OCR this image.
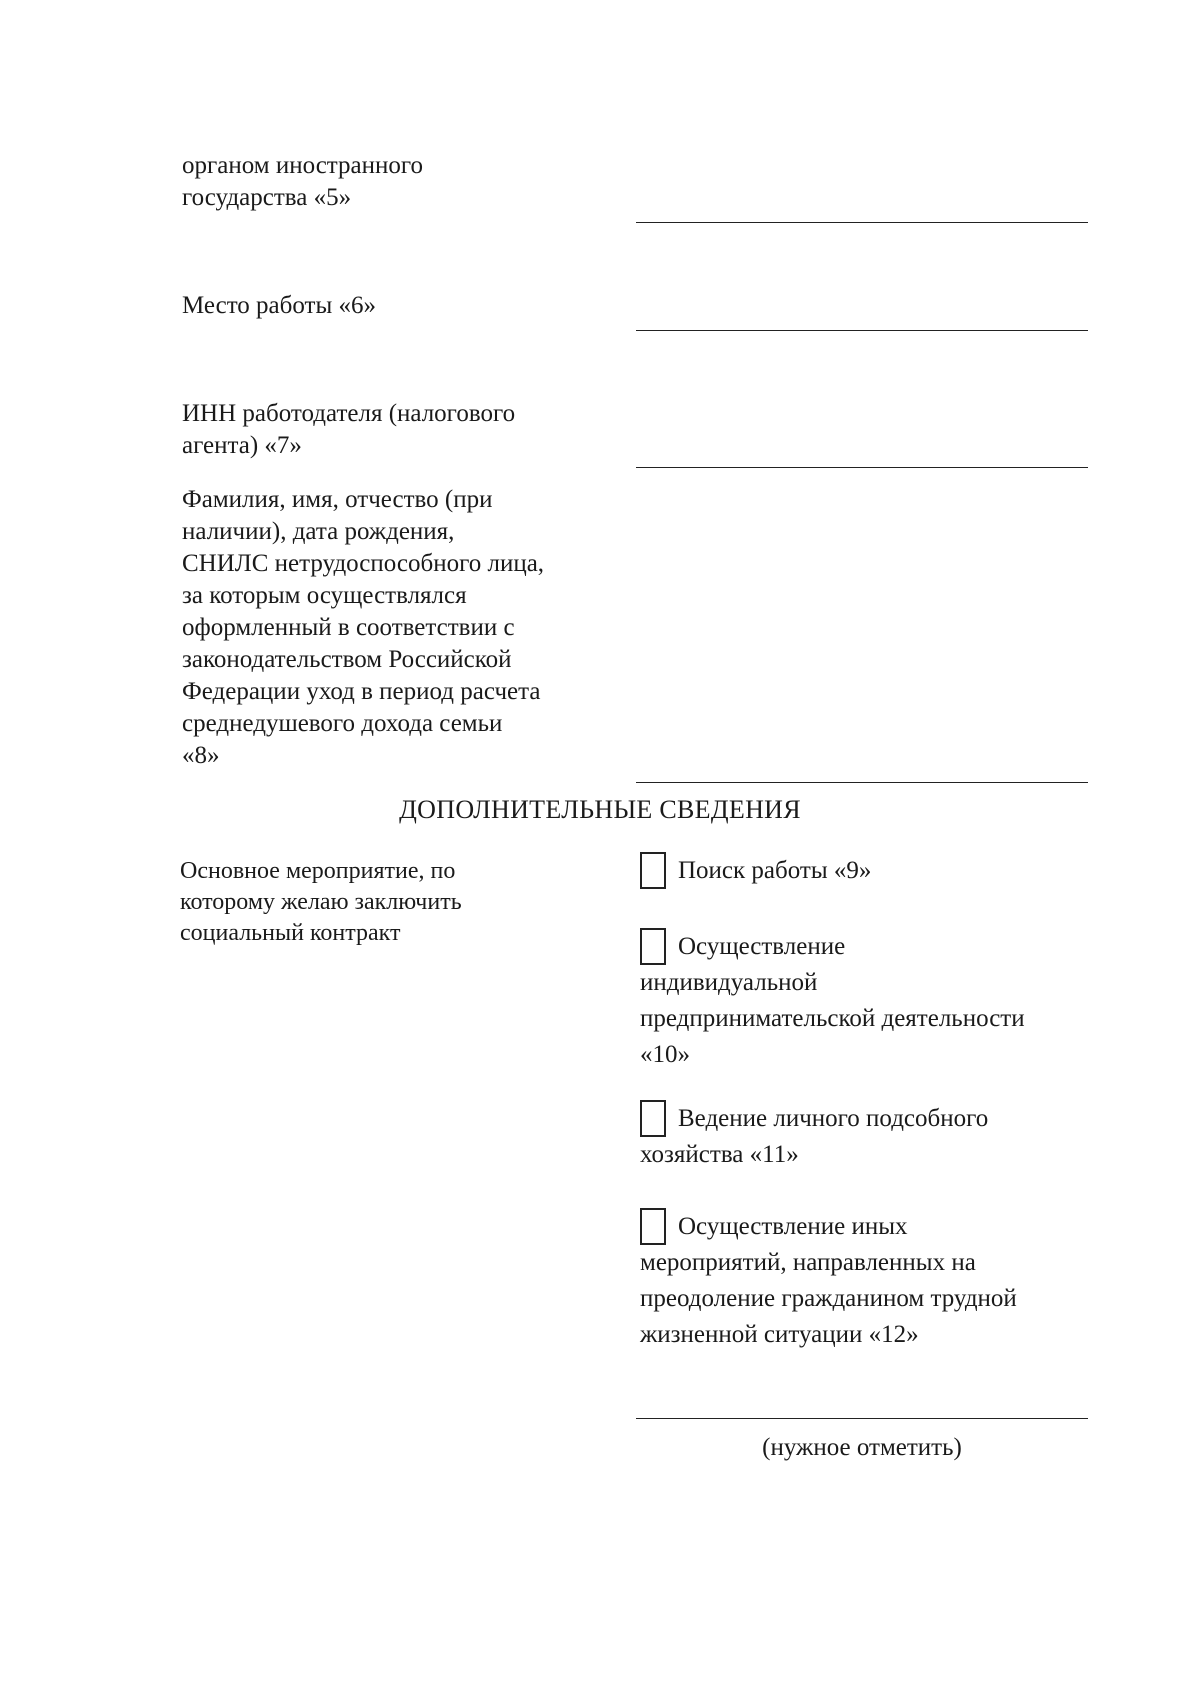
органом иностранного
государства «5»
Место работы «6»
ИНН работодателя (налогового
агента) «7»
Фамилия, имя, отчество (при
наличии), дата рождения,
СНИЛС нетрудоспособного лица,
за которым осуществлялся
оформленный в соответствии с
законодательством Российской
Федерации уход в период расчета
среднедушевого дохода семьи
«8»
ДОПОЛНИТЕЛЬНЫЕ СВЕДЕНИЯ
Основное мероприятие, по
которому желаю заключить
социальный контракт
Поиск работы «9»
Осуществление
индивидуальной
предпринимательской деятельности
«10»
Ведение личного подсобного
хозяйства «11»
Осуществление иных
мероприятий, направленных на
преодоление гражданином трудной
жизненной ситуации «12»
(нужное отметить)
